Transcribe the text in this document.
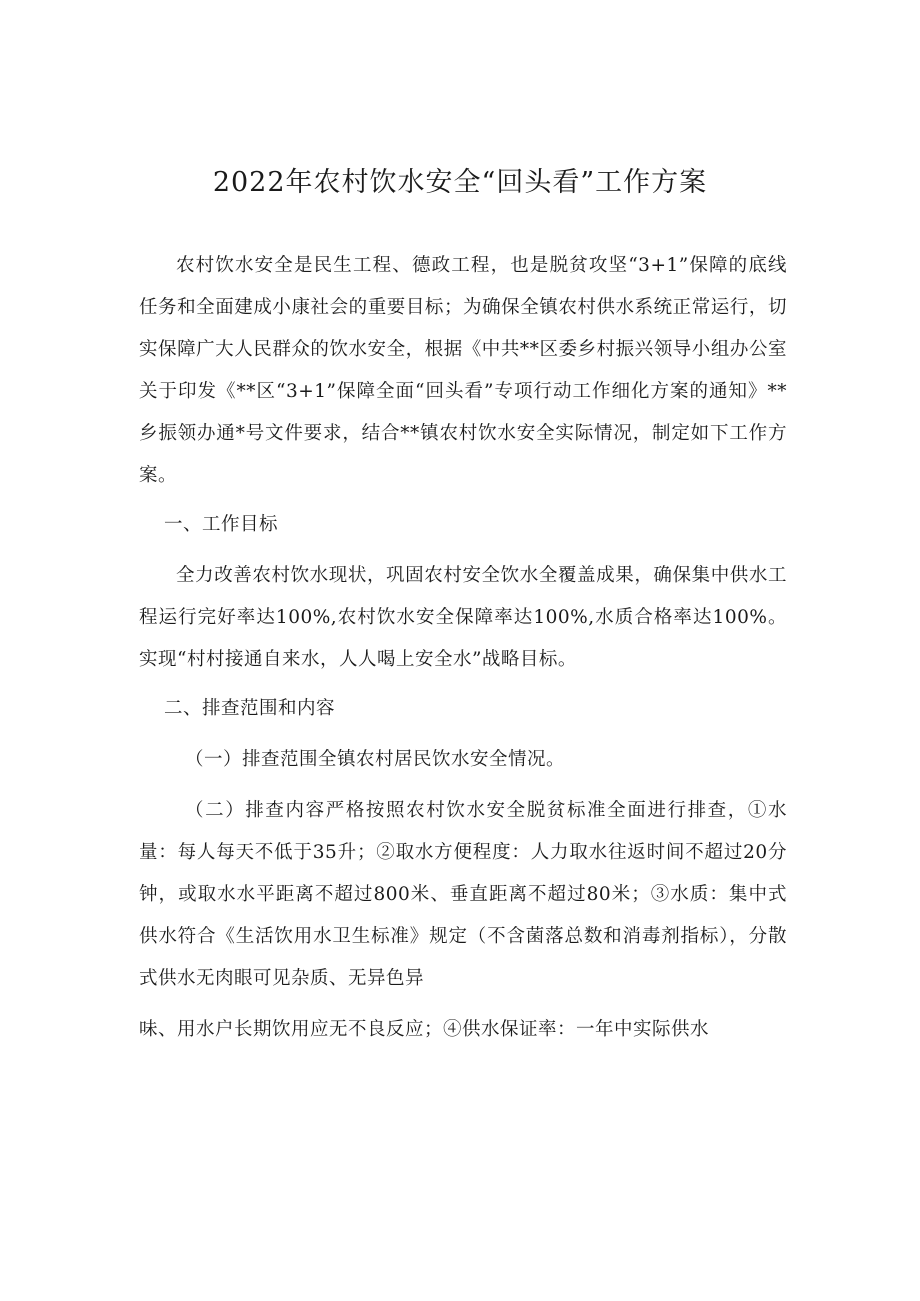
2022年农村饮水安全“回头看”工作方案

农村饮水安全是民生工程、德政工程，也是脱贫攻坚“3+1”保障的底线任务和全面建成小康社会的重要目标；为确保全镇农村供水系统正常运行，切实保障广大人民群众的饮水安全，根据《中共**区委乡村振兴领导小组办公室关于印发《**区“3+1”保障全面“回头看”专项行动工作细化方案的通知》**乡振领办通*号文件要求，结合**镇农村饮水安全实际情况，制定如下工作方案。

一、工作目标

全力改善农村饮水现状，巩固农村安全饮水全覆盖成果，确保集中供水工程运行完好率达100%,农村饮水安全保障率达100%,水质合格率达100%。实现“村村接通自来水，人人喝上安全水”战略目标。

二、排查范围和内容

（一）排查范围全镇农村居民饮水安全情况。

（二）排查内容严格按照农村饮水安全脱贫标准全面进行排查，①水量：每人每天不低于35升；②取水方便程度：人力取水往返时间不超过20分钟，或取水水平距离不超过800米、垂直距离不超过80米；③水质：集中式供水符合《生活饮用水卫生标准》规定（不含菌落总数和消毒剂指标），分散式供水无肉眼可见杂质、无异色异

味、用水户长期饮用应无不良反应；④供水保证率：一年中实际供水
